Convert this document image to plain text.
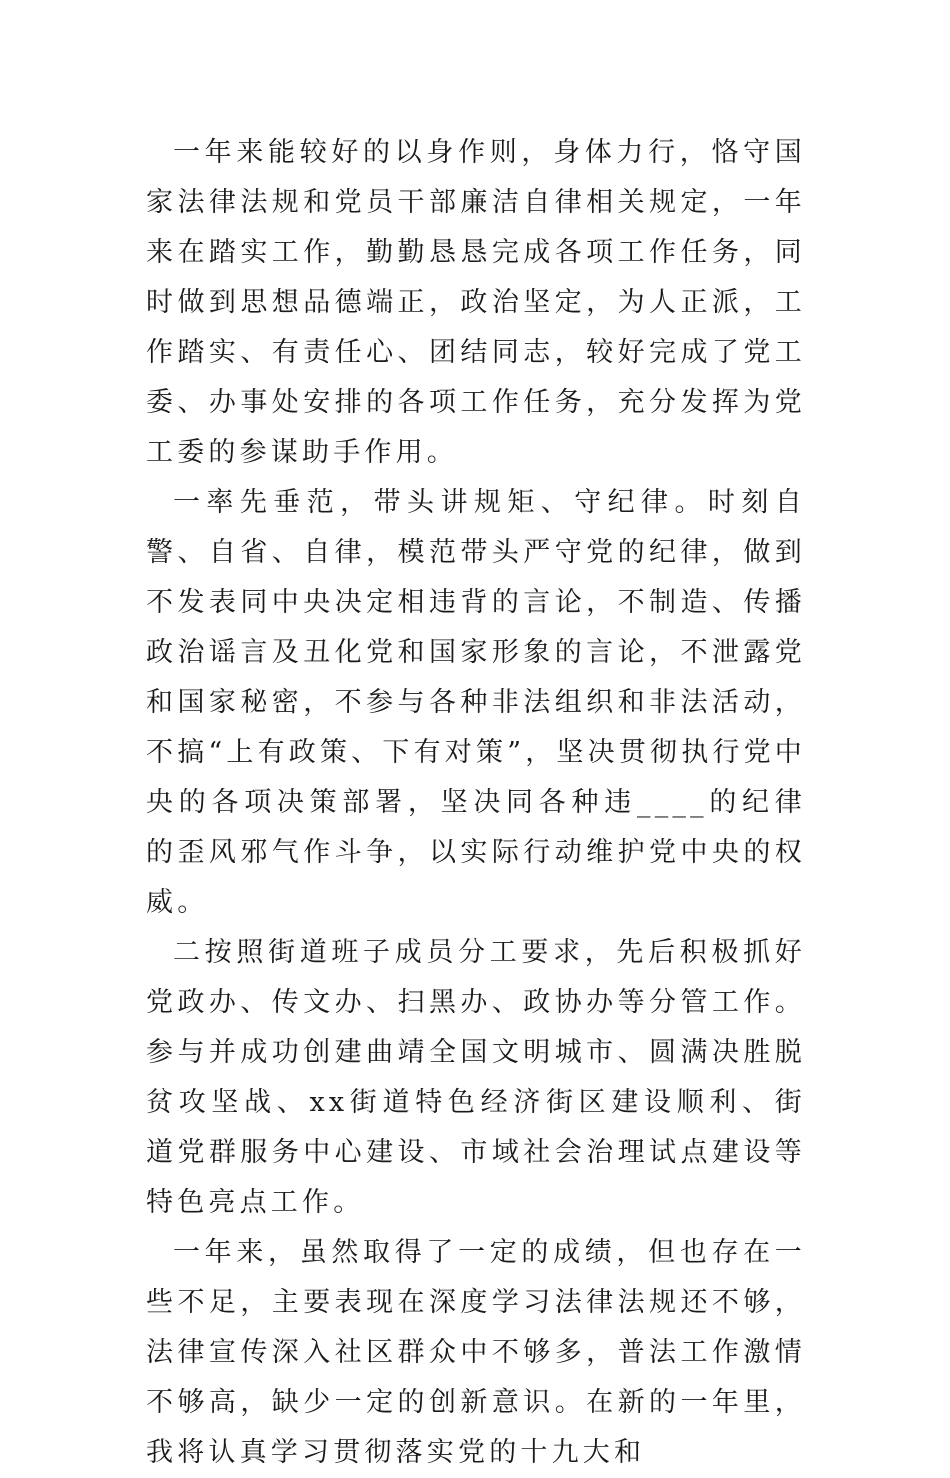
一年来能较好的以身作则，身体力行，恪守国家法律法规和党员干部廉洁自律相关规定，一年来在踏实工作，勤勤恳恳完成各项工作任务，同时做到思想品德端正，政治坚定，为人正派，工作踏实、有责任心、团结同志，较好完成了党工委、办事处安排的各项工作任务，充分发挥为党工委的参谋助手作用。

一率先垂范，带头讲规矩、守纪律。时刻自警、自省、自律，模范带头严守党的纪律，做到不发表同中央决定相违背的言论，不制造、传播政治谣言及丑化党和国家形象的言论，不泄露党和国家秘密，不参与各种非法组织和非法活动，不搞“上有政策、下有对策”，坚决贯彻执行党中央的各项决策部署，坚决同各种违____的纪律的歪风邪气作斗争，以实际行动维护党中央的权威。

二按照街道班子成员分工要求，先后积极抓好党政办、传文办、扫黑办、政协办等分管工作。参与并成功创建曲靖全国文明城市、圆满决胜脱贫攻坚战、xx街道特色经济街区建设顺利、街道党群服务中心建设、市域社会治理试点建设等特色亮点工作。

一年来，虽然取得了一定的成绩，但也存在一些不足，主要表现在深度学习法律法规还不够，法律宣传深入社区群众中不够多，普法工作激情不够高，缺少一定的创新意识。在新的一年里，我将认真学习贯彻落实党的十九大和
